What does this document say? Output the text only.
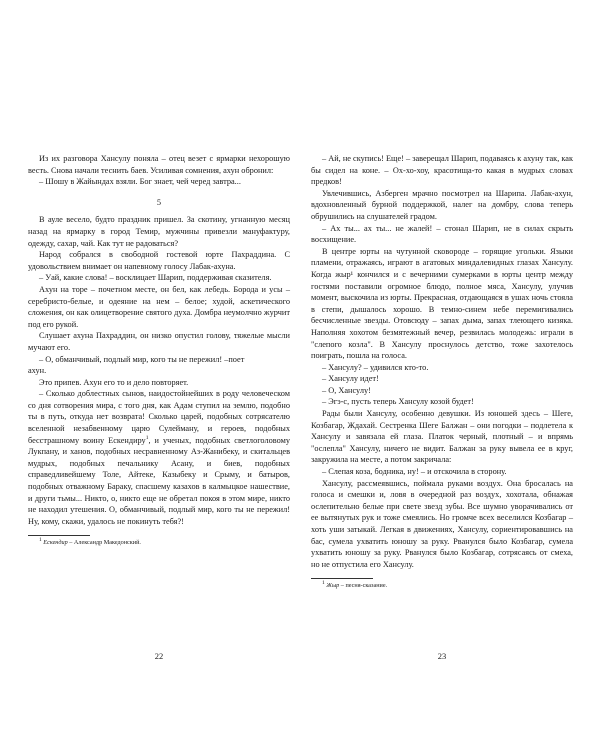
Из их разговора Хансулу поняла – отец везет с ярмарки нехорошую весть. Снова начали теснить баев. Усиливая сомнения, ахун обронил:

– Шошу в Жайындах взяли. Бог знает, чей черед завтра...

5

В ауле весело, будто праздник пришел. За скотину, угнанную месяц назад на ярмарку в город Темир, мужчины привезли мануфактуру, одежду, сахар, чай. Как тут не радоваться?

Народ собрался в свободной гостевой юрте Пахраддина. С удовольствием внимает он напевному голосу Лабак-ахуна.

– Уай, какие слова! – восклицает Шарип, поддерживая сказителя.

Ахун на торе – почетном месте, он бел, как лебедь. Борода и усы – серебристо-белые, и одеяние на нем – белое; худой, аскетического сложения, он как олицетворение святого духа. Домбра неумолчно журчит под его рукой.

Слушает ахуна Пахраддин, он низко опустил голову, тяжелые мысли мучают его.

– О, обманчивый, подлый мир, кого ты не пережил! –поет

ахун.

Это припев. Ахун его то и дело повторяет.

– Сколько доблестных сынов, наидостойнейших в роду человеческом со дня сотворения мира, с того дня, как Адам ступил на землю, подобно ты в путь, откуда нет возврата! Сколько царей, подобных сотрясателю вселенной незабвенному царю Сулейману, и героев, подобных бесстрашному воину Ескендиру$^1$, и ученых, подобных светлоголовому Лукпану, и ханов, подобных несравненному Аз-Жанибеку, и скитальцев мудрых, подобных печальнику Асану, и биев, подобных справедливейшему Толе, Айтеке, Казыбеку и Срыму, и батыров, подобных отважному Бараку, спасшему казахов в калмыцкое нашествие, и други тьмы... Никто, о, никто еще не обретал покоя в этом мире, никто не находил утешения. О, обманчивый, подлый мир, кого ты не пережил! Ну, кому, скажи, удалось не покинуть тебя?!

$^1$ Ескендир – Александр Македонский.

22

– Ай, не скупись! Еще! – заверещал Шарип, подаваясь к ахуну так, как бы сидел на коне. – Ох-хо-хоу, красотища-то какая в мудрых словах предков!

Увлечившись, Азберген мрачно посмотрел на Шарипа. Лабак-ахун, вдохновленный бурной поддержкой, налег на домбру, слова теперь обрушились на слушателей градом.

– Ах ты... ах ты... не жалей! – стонал Шарип, не в силах скрыть восхищение.

В центре юрты на чутунной сковороде – горящие угольки. Языки пламени, отражаясь, играют в агатовых миндалевидных глазах Хансулу. Когда жыр¹ кончился и с вечерними сумерками в юрты центр между гостями поставили огромное блюдо, полное мяса, Хансулу, улучив момент, выскочила из юрты. Прекрасная, отдающаяся в ушах ночь стояла в степи, дышалось хорошо. В темно-синем небе перемигивались бесчисленные звезды. Отовсюду – запах дыма, запах тлеющего кизяка. Наполняя хохотом безмятежный вечер, резвилась молодежь: играли в "слепого козла". В Хансулу проснулось детство, тоже захотелось поиграть, пошла на голоса.

– Хансулу? – удивился кто-то.

– Хансулу идет!

– О, Хансулу!

– Эгэ-с, пусть теперь Хансулу козой будет!

Рады были Хансулу, особенно девушки. Из юношей здесь – Шеге, Козбагар, Ждахай. Сестренка Шеге Балжан – они погодки – подлетела к Хансулу и завязала ей глаза. Платок черный, плотный – и впрямь "ослепла" Хансулу, ничего не видит. Балжан за руку вывела ее в круг, закружила на месте, а потом закричала:

– Слепая коза, бодника, ну! – и отскочила в сторону.

Хансулу, рассмеявшись, поймала руками воздух. Она бросалась на голоса и смешки и, ловя в очередной раз воздух, хохотала, обнажая ослепительно белые при свете звезд зубы. Все шумно уворачивались от ее вытянутых рук и тоже смеялись. Но громче всех веселился Козбагар – хоть уши затыкай. Легкая в движениях, Хансулу, сориентировавшись на бас, сумела ухватить юношу за руку. Рванулся было Козбагар, сумела ухватить юношу за руку. Рванулся было Козбагар, сотрясаясь от смеха, но не отпустила его Хансулу.

$^1$ Жыр – песня-сказание.

23
